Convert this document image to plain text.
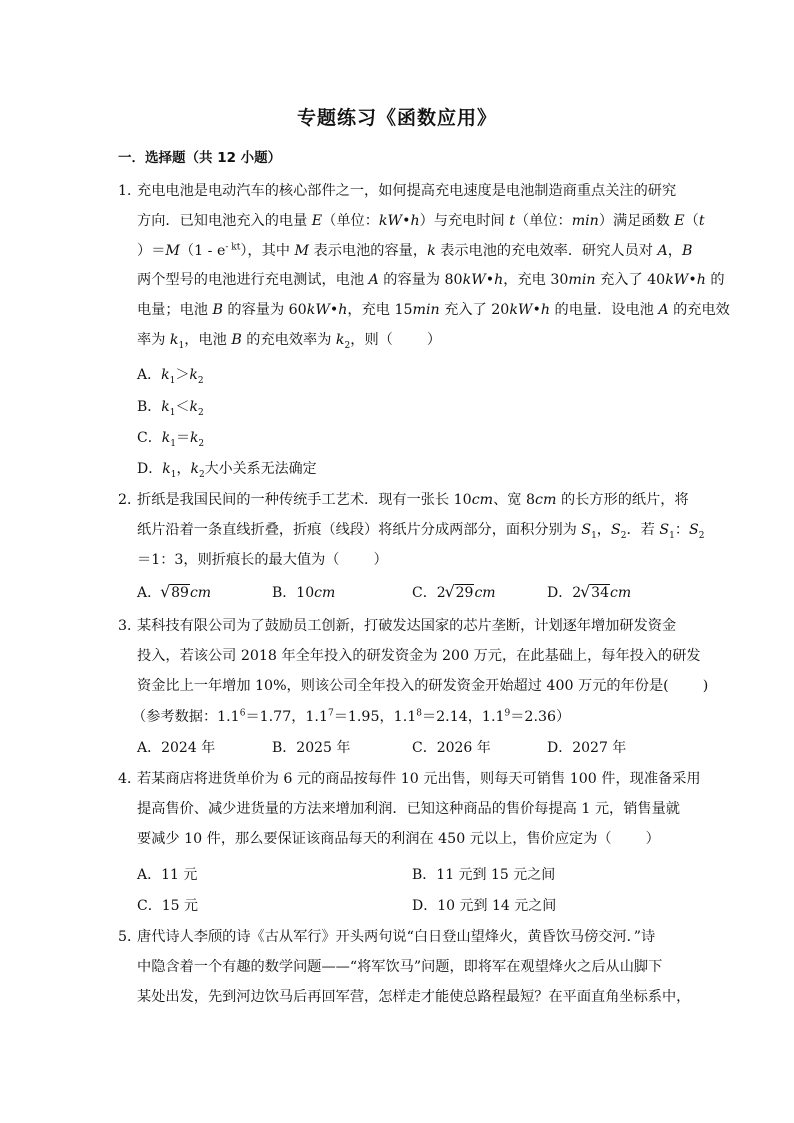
专题练习《函数应用》
一．选择题（共 12 小题）
1．
充电电池是电动汽车的核心部件之一，如何提高充电速度是电池制造商重点关注的研究
方向．已知电池充入的电量 E（单位：kW•h）与充电时间 t（单位：min）满足函数 E（t
）$=M(1 - e^{- kt})$，其中 M 表示电池的容量，k 表示电池的充电效率．研究人员对 A，B
两个型号的电池进行充电测试，电池 A 的容量为 80kW•h，充电 30min 充入了 40kW•h 的
电量；电池 B 的容量为 60kW•h，充电 15min 充入了 20kW•h 的电量．设电池 A 的充电效
率为 $k_1$，电池 B 的充电效率为 $k_2$，则（ ）
A．$k_1>k_2$
B．$k_1<k_2$
C．$k_1=k_2$
D．$k_1$，$k_2$大小关系无法确定
2．
折纸是我国民间的一种传统手工艺术．现有一张长 10cm、宽 8cm 的长方形的纸片，将
纸片沿着一条直线折叠，折痕（线段）将纸片分成两部分，面积分别为 $S_1$，$S_2$．若 $S_1$：$S_2$
＝1：3，则折痕长的最大值为（ ）
A． √ 89cm	B．10cm	C．2 √ 29cm	D．2 √ 34cm
3．
某科技有限公司为了鼓励员工创新，打破发达国家的芯片垄断，计划逐年增加研发资金
投入，若该公司 2018 年全年投入的研发资金为 200 万元，在此基础上，每年投入的研发
资金比上一年增加 10%，则该公司全年投入的研发资金开始超过 400 万元的年份是( )
（参考数据：$1.1^6=1.77$，$1.1^7=1.95$，$1.1^8=2.14$，$1.1^9=2.36$）
A．2024 年	B．2025 年	C．2026 年	D．2027 年
4．
若某商店将进货单价为 6 元的商品按每件 10 元出售，则每天可销售 100 件，现准备采用
提高售价、减少进货量的方法来增加利润．已知这种商品的售价每提高 1 元，销售量就
要减少 10 件，那么要保证该商品每天的利润在 450 元以上，售价应定为（ ）
A．11 元	B．11 元到 15 元之间
C．15 元	D．10 元到 14 元之间
5．
唐代诗人李颀的诗《古从军行》开头两句说“白日登山望烽火，黄昏饮马傍交河．”诗
中隐含着一个有趣的数学问题——“将军饮马”问题，即将军在观望烽火之后从山脚下
某处出发，先到河边饮马后再回军营，怎样走才能使总路程最短？在平面直角坐标系中，
